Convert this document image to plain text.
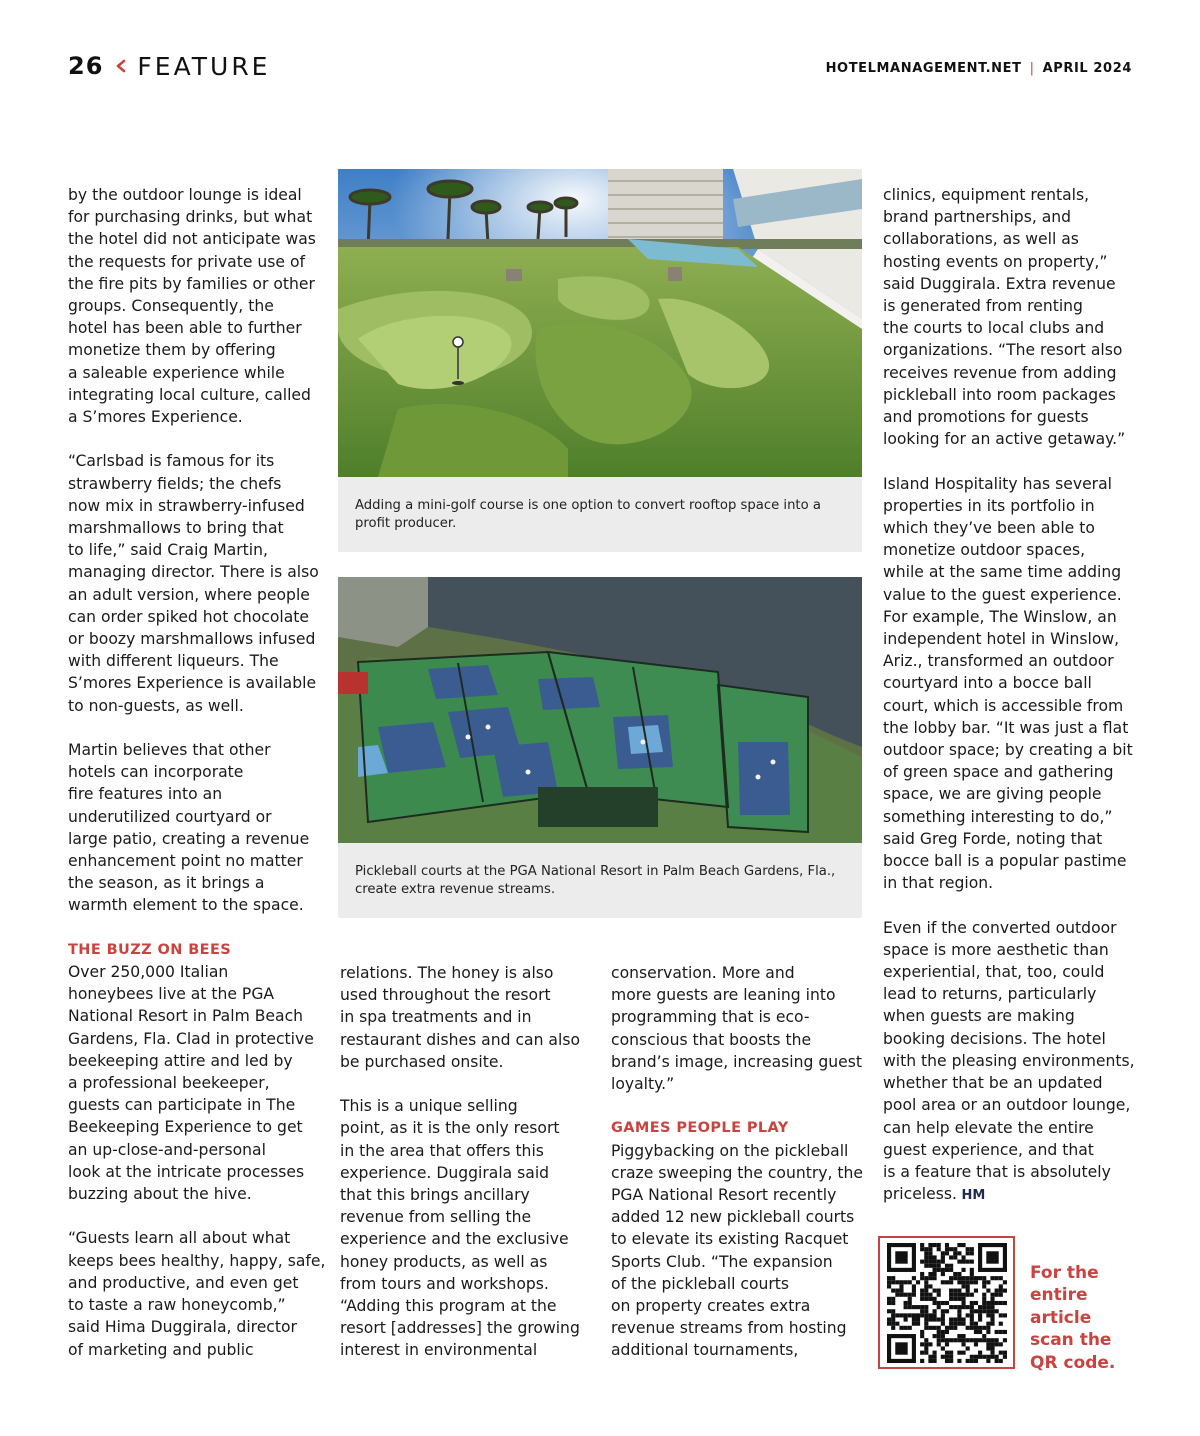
26 FEATURE	HOTELMANAGEMENT.NET | APRIL 2024

by the outdoor lounge is ideal
for purchasing drinks, but what
the hotel did not anticipate was
the requests for private use of
the fire pits by families or other
groups. Consequently, the
hotel has been able to further
monetize them by offering
a saleable experience while
integrating local culture, called
a S’mores Experience.

“Carlsbad is famous for its
strawberry fields; the chefs
now mix in strawberry-infused
marshmallows to bring that
to life,” said Craig Martin,
managing director. There is also
an adult version, where people
can order spiked hot chocolate
or boozy marshmallows infused
with different liqueurs. The
S’mores Experience is available
to non-guests, as well.

Martin believes that other
hotels can incorporate
fire features into an
underutilized courtyard or
large patio, creating a revenue
enhancement point no matter
the season, as it brings a
warmth element to the space.

THE BUZZ ON BEES

Over 250,000 Italian
honeybees live at the PGA
National Resort in Palm Beach
Gardens, Fla. Clad in protective
beekeeping attire and led by
a professional beekeeper,
guests can participate in The
Beekeeping Experience to get
an up-close-and-personal
look at the intricate processes
buzzing about the hive.

“Guests learn all about what
keeps bees healthy, happy, safe,
and productive, and even get
to taste a raw honeycomb,”
said Hima Duggirala, director
of marketing and public

Adding a mini-golf course is one option to convert rooftop space into a
profit producer.
Pickleball courts at the PGA National Resort in Palm Beach Gardens, Fla.,
create extra revenue streams.

relations. The honey is also
used throughout the resort
in spa treatments and in
restaurant dishes and can also
be purchased onsite.

This is a unique selling
point, as it is the only resort
in the area that offers this
experience. Duggirala said
that this brings ancillary
revenue from selling the
experience and the exclusive
honey products, as well as
from tours and workshops.
“Adding this program at the
resort [addresses] the growing
interest in environmental

conservation. More and
more guests are leaning into
programming that is eco-
conscious that boosts the
brand’s image, increasing guest
loyalty.”

GAMES PEOPLE PLAY

Piggybacking on the pickleball
craze sweeping the country, the
PGA National Resort recently
added 12 new pickleball courts
to elevate its existing Racquet
Sports Club. “The expansion
of the pickleball courts
on property creates extra
revenue streams from hosting
additional tournaments,

clinics, equipment rentals,
brand partnerships, and
collaborations, as well as
hosting events on property,”
said Duggirala. Extra revenue
is generated from renting
the courts to local clubs and
organizations. “The resort also
receives revenue from adding
pickleball into room packages
and promotions for guests
looking for an active getaway.”

Island Hospitality has several
properties in its portfolio in
which they’ve been able to
monetize outdoor spaces,
while at the same time adding
value to the guest experience.
For example, The Winslow, an
independent hotel in Winslow,
Ariz., transformed an outdoor
courtyard into a bocce ball
court, which is accessible from
the lobby bar. “It was just a flat
outdoor space; by creating a bit
of green space and gathering
space, we are giving people
something interesting to do,”
said Greg Forde, noting that
bocce ball is a popular pastime
in that region.

Even if the converted outdoor
space is more aesthetic than
experiential, that, too, could
lead to returns, particularly
when guests are making
booking decisions. The hotel
with the pleasing environments,
whether that be an updated
pool area or an outdoor lounge,
can help elevate the entire
guest experience, and that
is a feature that is absolutely
priceless. HM

For the
entire
article
scan the
QR code.
